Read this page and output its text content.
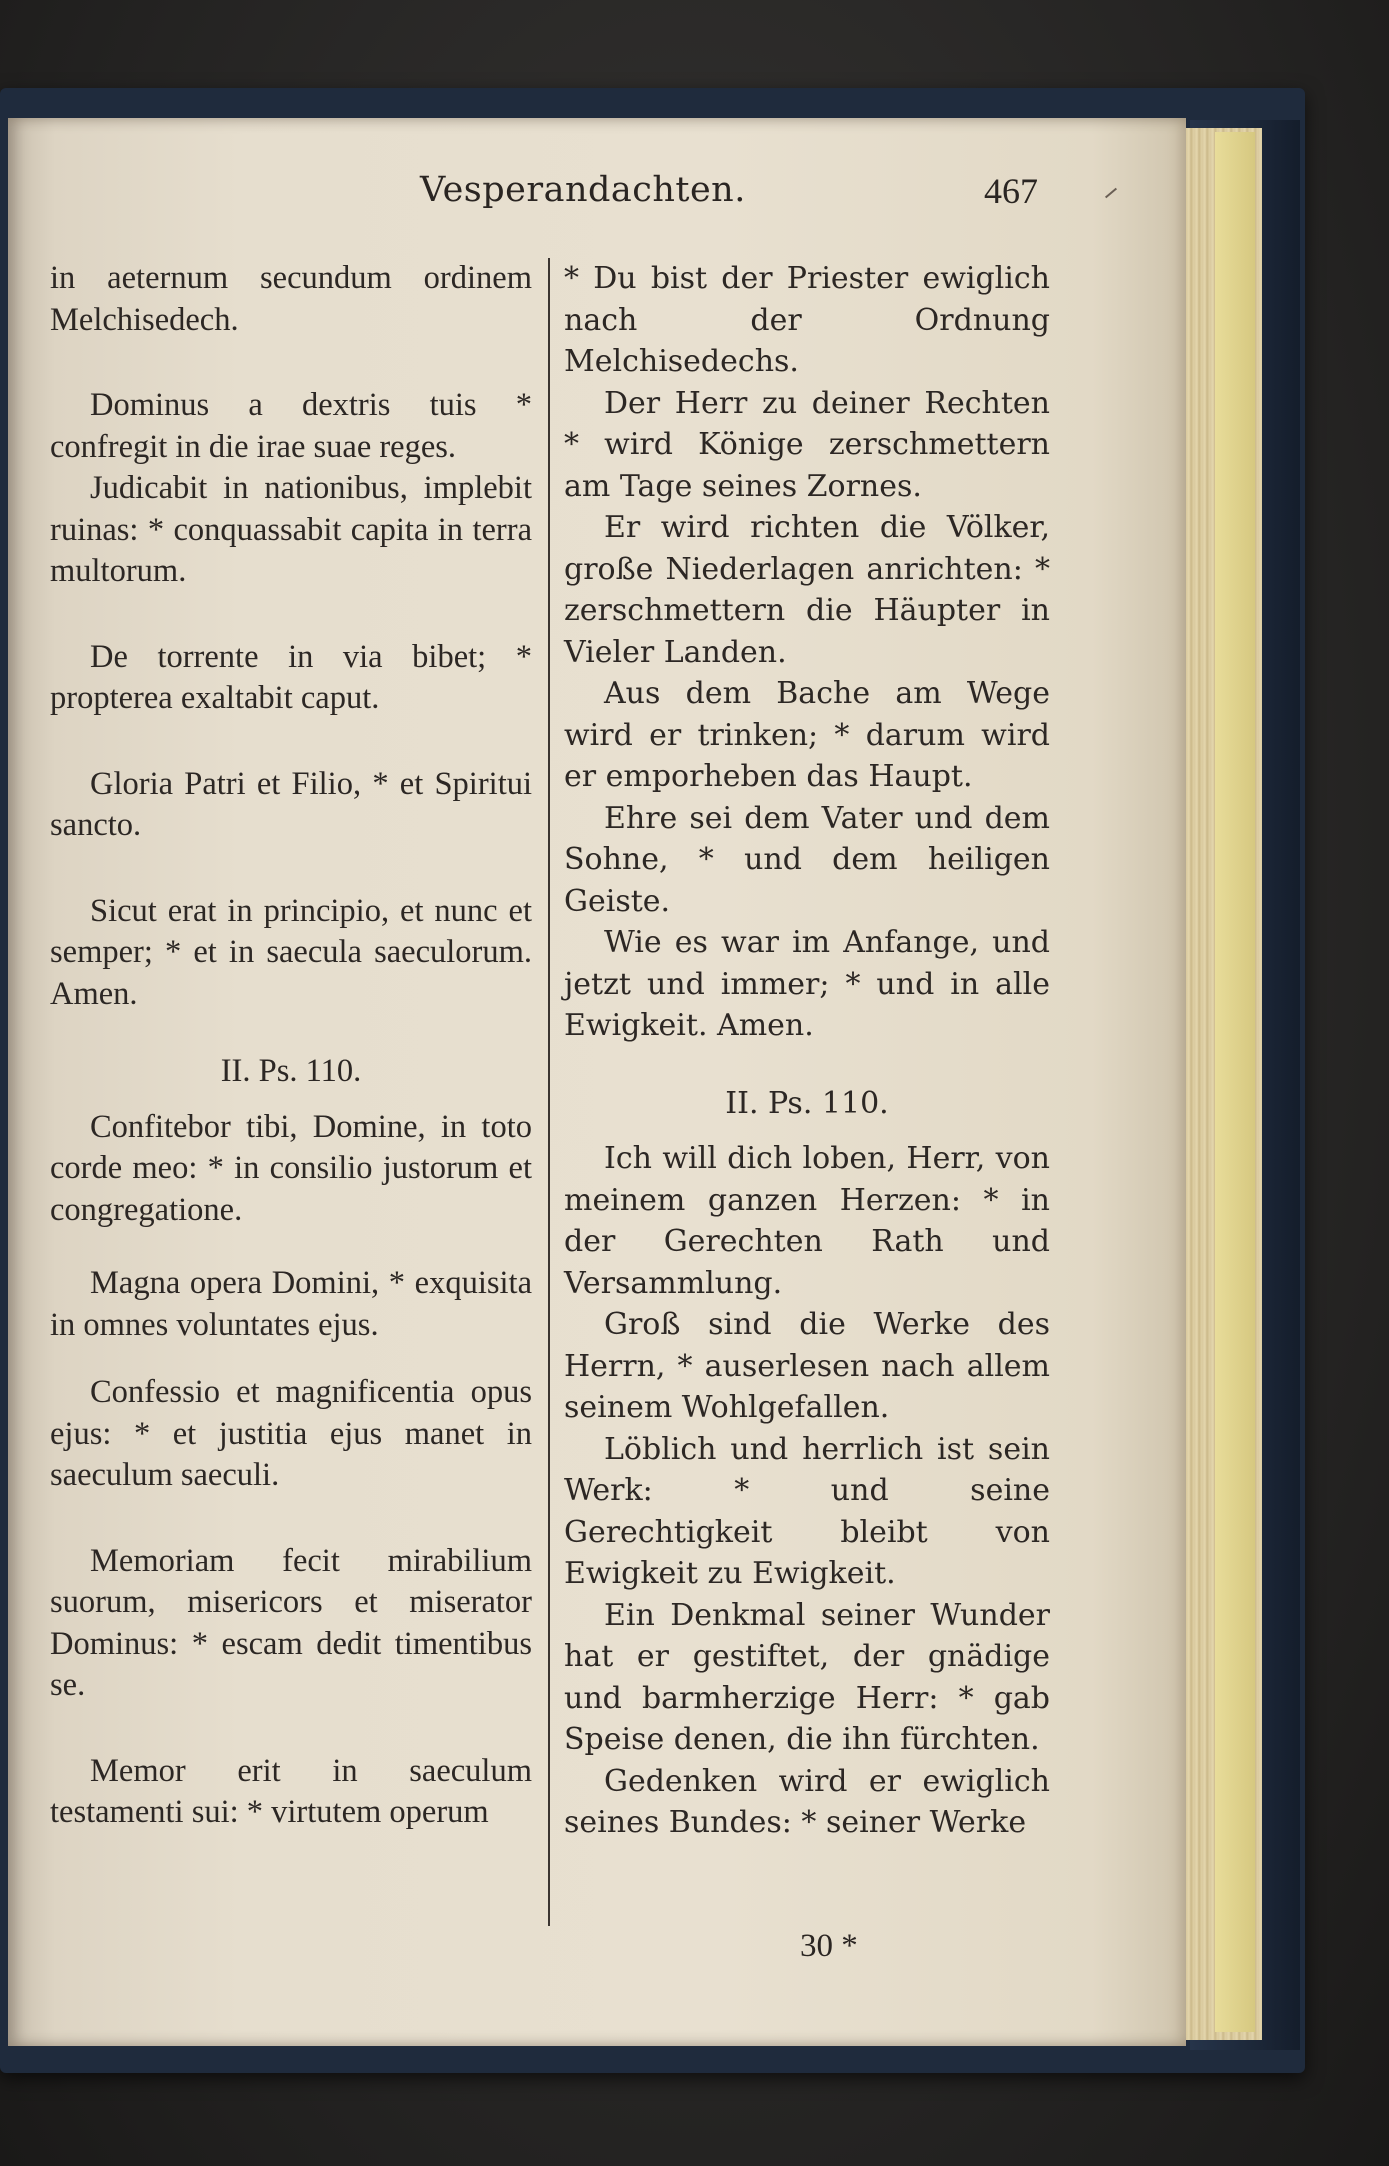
Vesperandachten.	467

in aeternum secundum ordinem Melchisedech.

Dominus a dextris tuis * confregit in die irae suae reges.

Judicabit in nationibus, implebit ruinas: * conquassabit capita in terra multorum.

De torrente in via bibet; * propterea exaltabit caput.

Gloria Patri et Filio, * et Spiritui sancto.

Sicut erat in principio, et nunc et semper; * et in saecula saeculorum. Amen.

II. Ps. 110.

Confitebor tibi, Domine, in toto corde meo: * in consilio justorum et congregatione.

Magna opera Domini, * exquisita in omnes voluntates ejus.

Confessio et magnificentia opus ejus: * et justitia ejus manet in saeculum saeculi.

Memoriam fecit mirabilium suorum, misericors et miserator Dominus: * escam dedit timentibus se.

Memor erit in saeculum testamenti sui: * virtutem operum

* Du bist der Priester ewiglich nach der Ordnung Melchisedechs.

Der Herr zu deiner Rechten * wird Könige zerschmettern am Tage seines Zornes.

Er wird richten die Völker, große Niederlagen anrichten: * zerschmettern die Häupter in Vieler Landen.

Aus dem Bache am Wege wird er trinken; * darum wird er emporheben das Haupt.

Ehre sei dem Vater und dem Sohne, * und dem heiligen Geiste.

Wie es war im Anfange, und jetzt und immer; * und in alle Ewigkeit. Amen.

II. Ps. 110.

Ich will dich loben, Herr, von meinem ganzen Herzen: * in der Gerechten Rath und Versammlung.

Groß sind die Werke des Herrn, * auserlesen nach allem seinem Wohlgefallen.

Löblich und herrlich ist sein Werk: * und seine Gerechtigkeit bleibt von Ewigkeit zu Ewigkeit.

Ein Denkmal seiner Wunder hat er gestiftet, der gnädige und barmherzige Herr: * gab Speise denen, die ihn fürchten.

Gedenken wird er ewiglich seines Bundes: * seiner Werke

30 *
